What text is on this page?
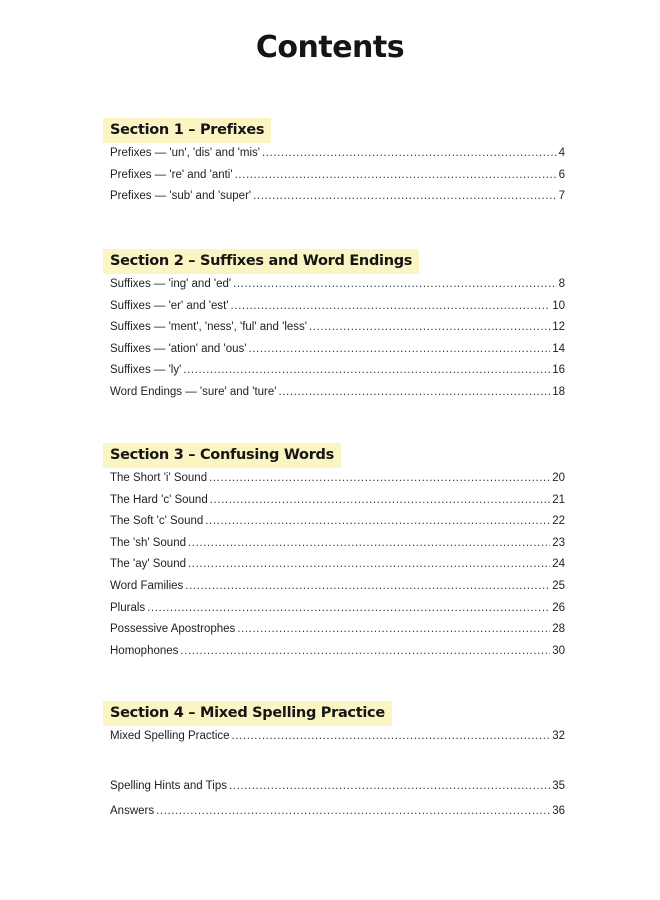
Contents
Section 1 – Prefixes
Prefixes — 'un', 'dis' and 'mis' .....	4
Prefixes — 're' and 'anti' .....	6
Prefixes — 'sub' and 'super' .....	7
Section 2 – Suffixes and Word Endings
Suffixes — 'ing' and 'ed' .....	8
Suffixes — 'er' and 'est' .....	10
Suffixes — 'ment', 'ness', 'ful' and 'less' .....	12
Suffixes — 'ation' and 'ous' .....	14
Suffixes — 'ly' .....	16
Word Endings — 'sure' and 'ture' .....	18
Section 3 – Confusing Words
The Short 'i' Sound .....	20
The Hard 'c' Sound .....	21
The Soft 'c' Sound .....	22
The 'sh' Sound .....	23
The 'ay' Sound .....	24
Word Families .....	25
Plurals .....	26
Possessive Apostrophes .....	28
Homophones .....	30
Section 4 – Mixed Spelling Practice
Mixed Spelling Practice .....	32
Spelling Hints and Tips .....	35
Answers .....	36
